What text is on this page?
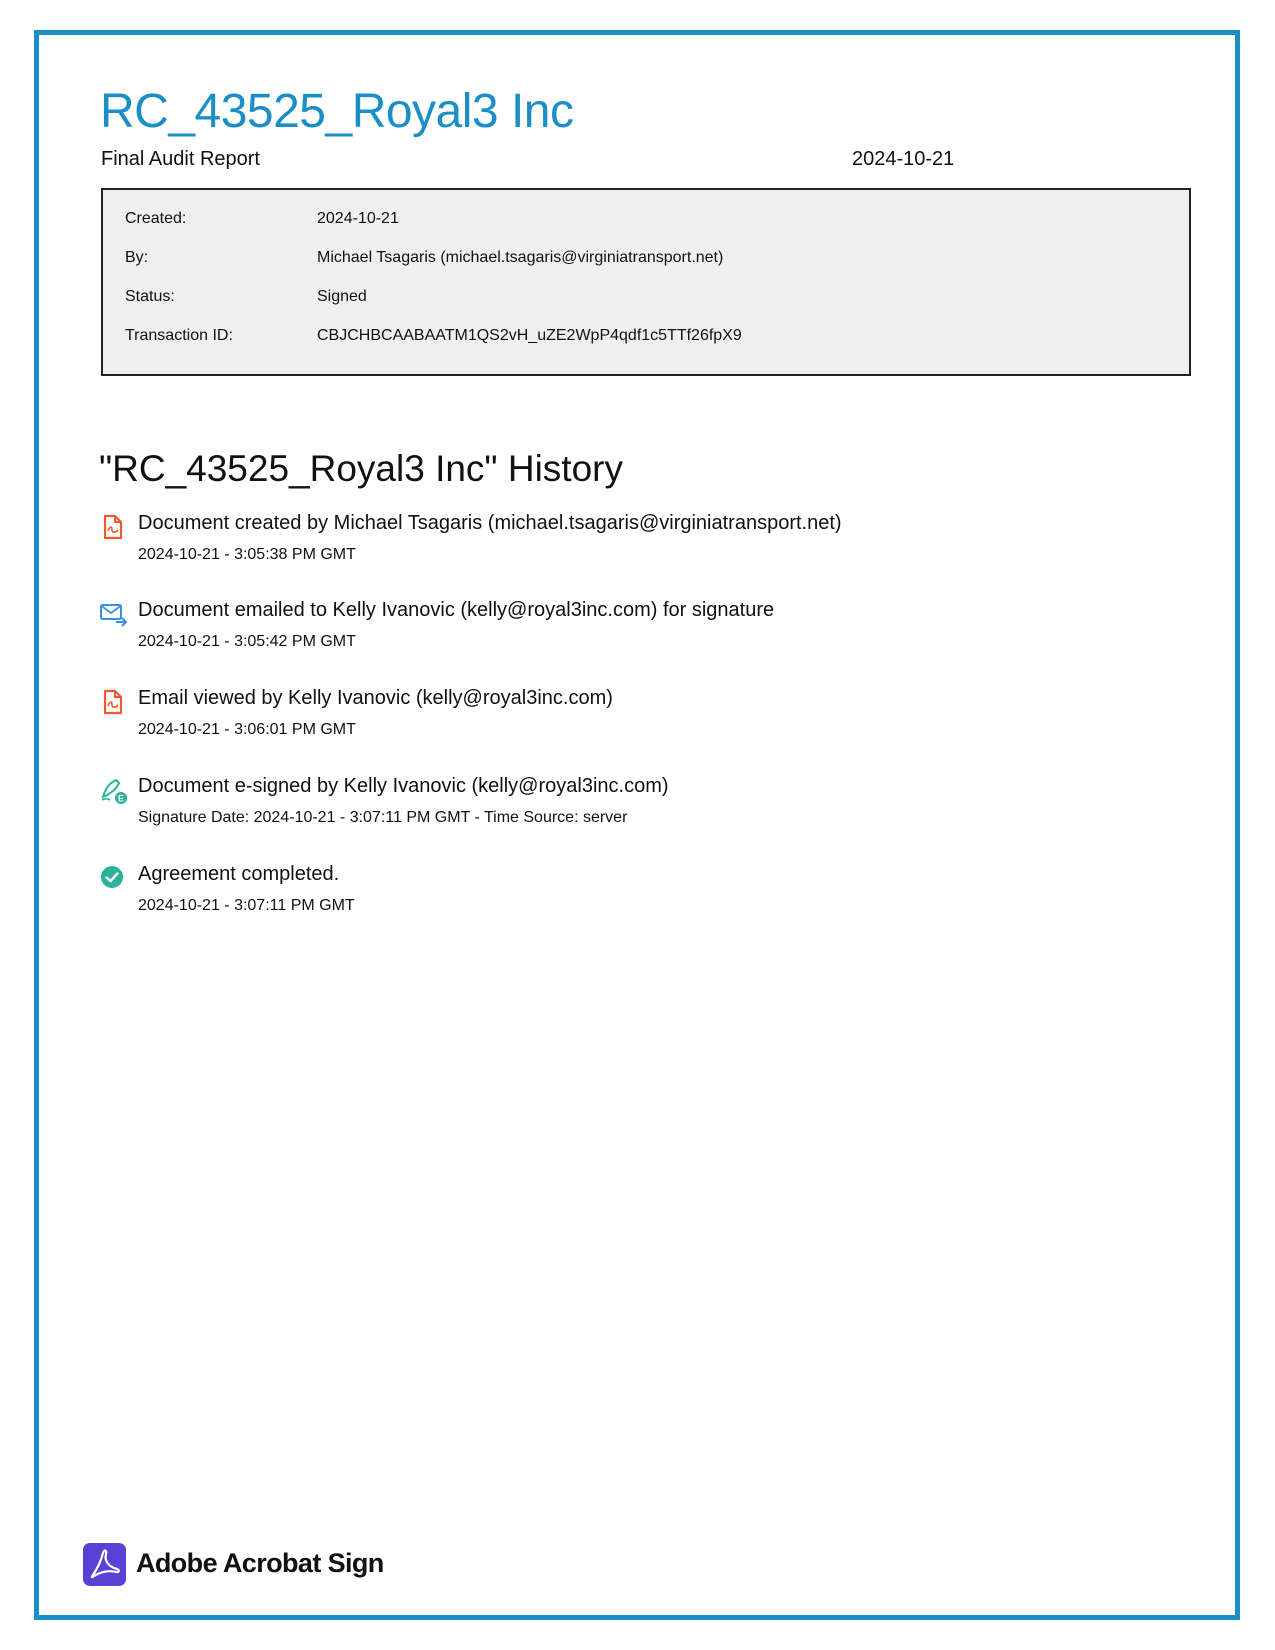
RC_43525_Royal3 Inc
Final Audit Report	2024-10-21
Created:	2024-10-21
By:	Michael Tsagaris (michael.tsagaris@virginiatransport.net)
Status:	Signed
Transaction ID:	CBJCHBCAABAATM1QS2vH_uZE2WpP4qdf1c5TTf26fpX9
"RC_43525_Royal3 Inc" History
Document created by Michael Tsagaris (michael.tsagaris@virginiatransport.net)
2024-10-21 - 3:05:38 PM GMT
Document emailed to Kelly Ivanovic (kelly@royal3inc.com) for signature
2024-10-21 - 3:05:42 PM GMT
Email viewed by Kelly Ivanovic (kelly@royal3inc.com)
2024-10-21 - 3:06:01 PM GMT
E
Document e-signed by Kelly Ivanovic (kelly@royal3inc.com)
Signature Date: 2024-10-21 - 3:07:11 PM GMT - Time Source: server
Agreement completed.
2024-10-21 - 3:07:11 PM GMT
Adobe Acrobat Sign
